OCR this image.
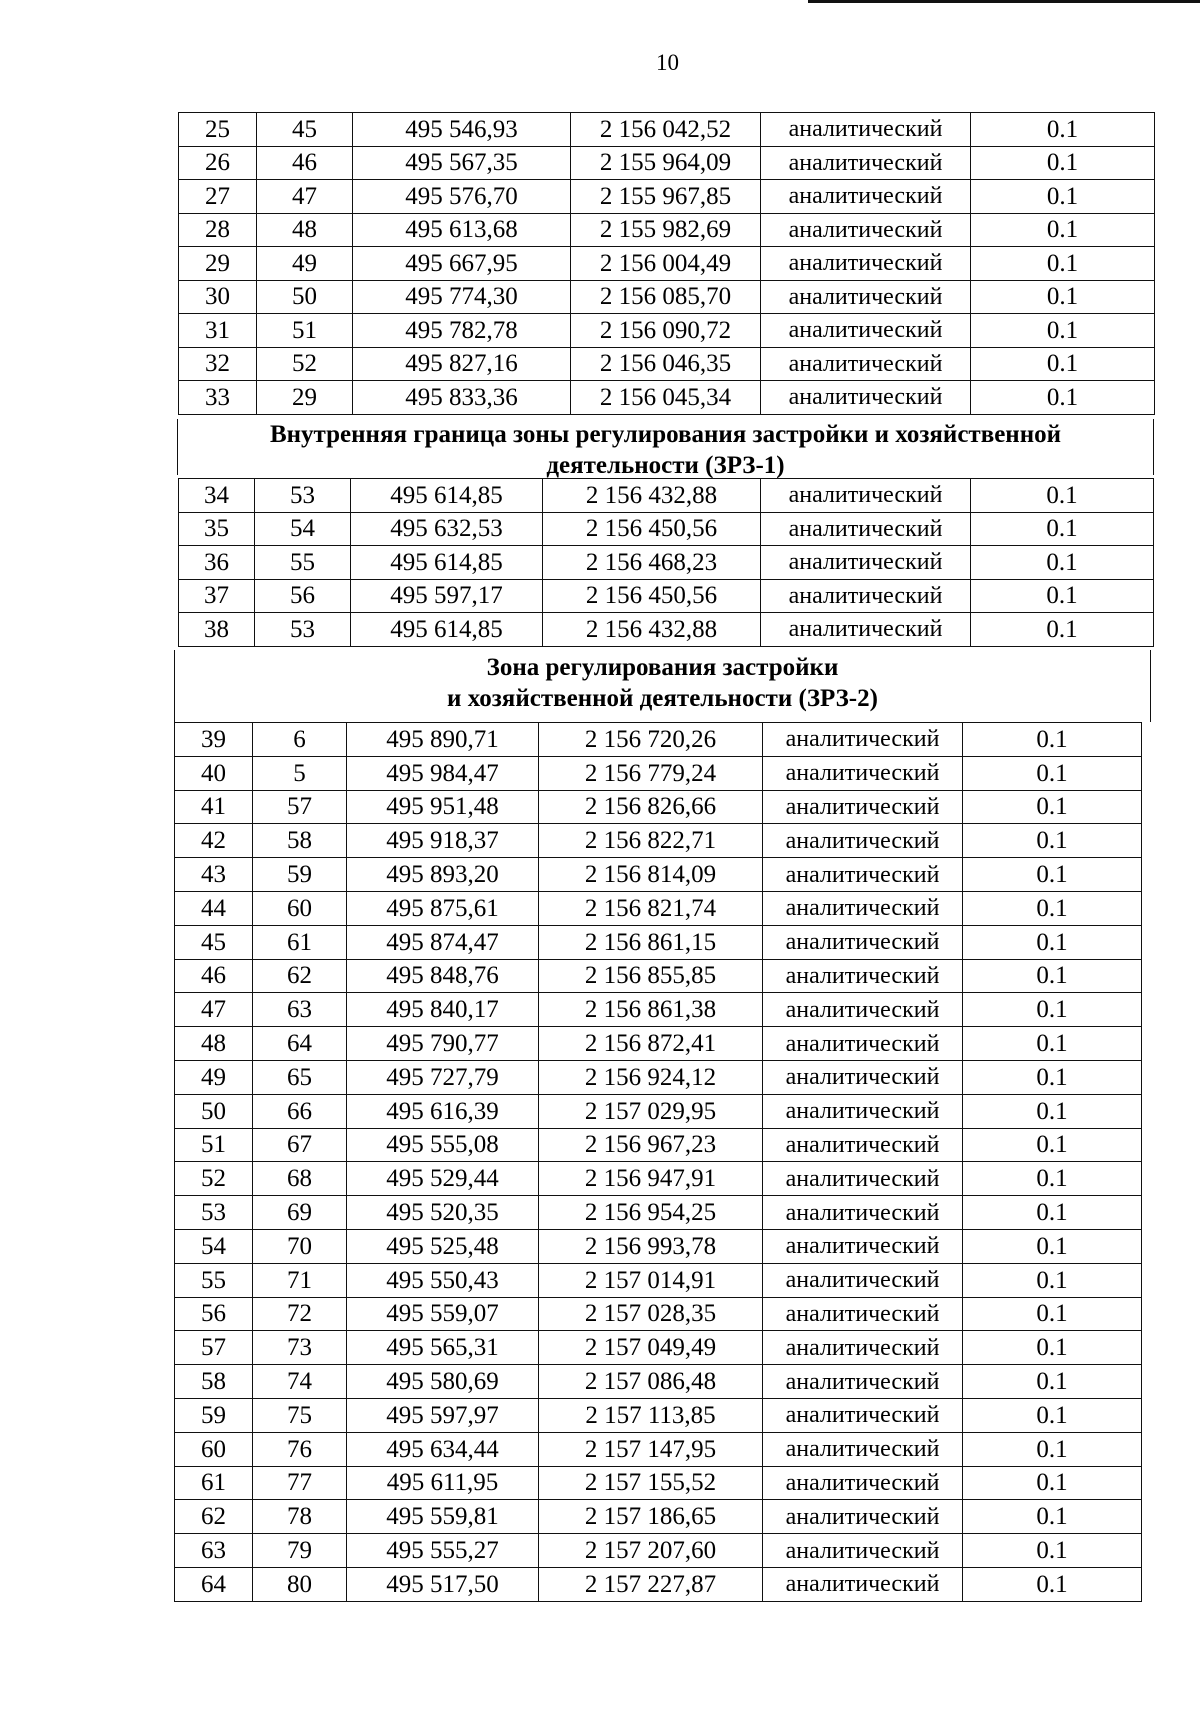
10
25	45	495 546,93	2 156 042,52	аналитический	0.1
26	46	495 567,35	2 155 964,09	аналитический	0.1
27	47	495 576,70	2 155 967,85	аналитический	0.1
28	48	495 613,68	2 155 982,69	аналитический	0.1
29	49	495 667,95	2 156 004,49	аналитический	0.1
30	50	495 774,30	2 156 085,70	аналитический	0.1
31	51	495 782,78	2 156 090,72	аналитический	0.1
32	52	495 827,16	2 156 046,35	аналитический	0.1
33	29	495 833,36	2 156 045,34	аналитический	0.1
Внутренняя граница зоны регулирования застройки и хозяйственной
деятельности (ЗРЗ-1)
34	53	495 614,85	2 156 432,88	аналитический	0.1
35	54	495 632,53	2 156 450,56	аналитический	0.1
36	55	495 614,85	2 156 468,23	аналитический	0.1
37	56	495 597,17	2 156 450,56	аналитический	0.1
38	53	495 614,85	2 156 432,88	аналитический	0.1
Зона регулирования застройки
и хозяйственной деятельности (ЗРЗ-2)
39	6	495 890,71	2 156 720,26	аналитический	0.1
40	5	495 984,47	2 156 779,24	аналитический	0.1
41	57	495 951,48	2 156 826,66	аналитический	0.1
42	58	495 918,37	2 156 822,71	аналитический	0.1
43	59	495 893,20	2 156 814,09	аналитический	0.1
44	60	495 875,61	2 156 821,74	аналитический	0.1
45	61	495 874,47	2 156 861,15	аналитический	0.1
46	62	495 848,76	2 156 855,85	аналитический	0.1
47	63	495 840,17	2 156 861,38	аналитический	0.1
48	64	495 790,77	2 156 872,41	аналитический	0.1
49	65	495 727,79	2 156 924,12	аналитический	0.1
50	66	495 616,39	2 157 029,95	аналитический	0.1
51	67	495 555,08	2 156 967,23	аналитический	0.1
52	68	495 529,44	2 156 947,91	аналитический	0.1
53	69	495 520,35	2 156 954,25	аналитический	0.1
54	70	495 525,48	2 156 993,78	аналитический	0.1
55	71	495 550,43	2 157 014,91	аналитический	0.1
56	72	495 559,07	2 157 028,35	аналитический	0.1
57	73	495 565,31	2 157 049,49	аналитический	0.1
58	74	495 580,69	2 157 086,48	аналитический	0.1
59	75	495 597,97	2 157 113,85	аналитический	0.1
60	76	495 634,44	2 157 147,95	аналитический	0.1
61	77	495 611,95	2 157 155,52	аналитический	0.1
62	78	495 559,81	2 157 186,65	аналитический	0.1
63	79	495 555,27	2 157 207,60	аналитический	0.1
64	80	495 517,50	2 157 227,87	аналитический	0.1
